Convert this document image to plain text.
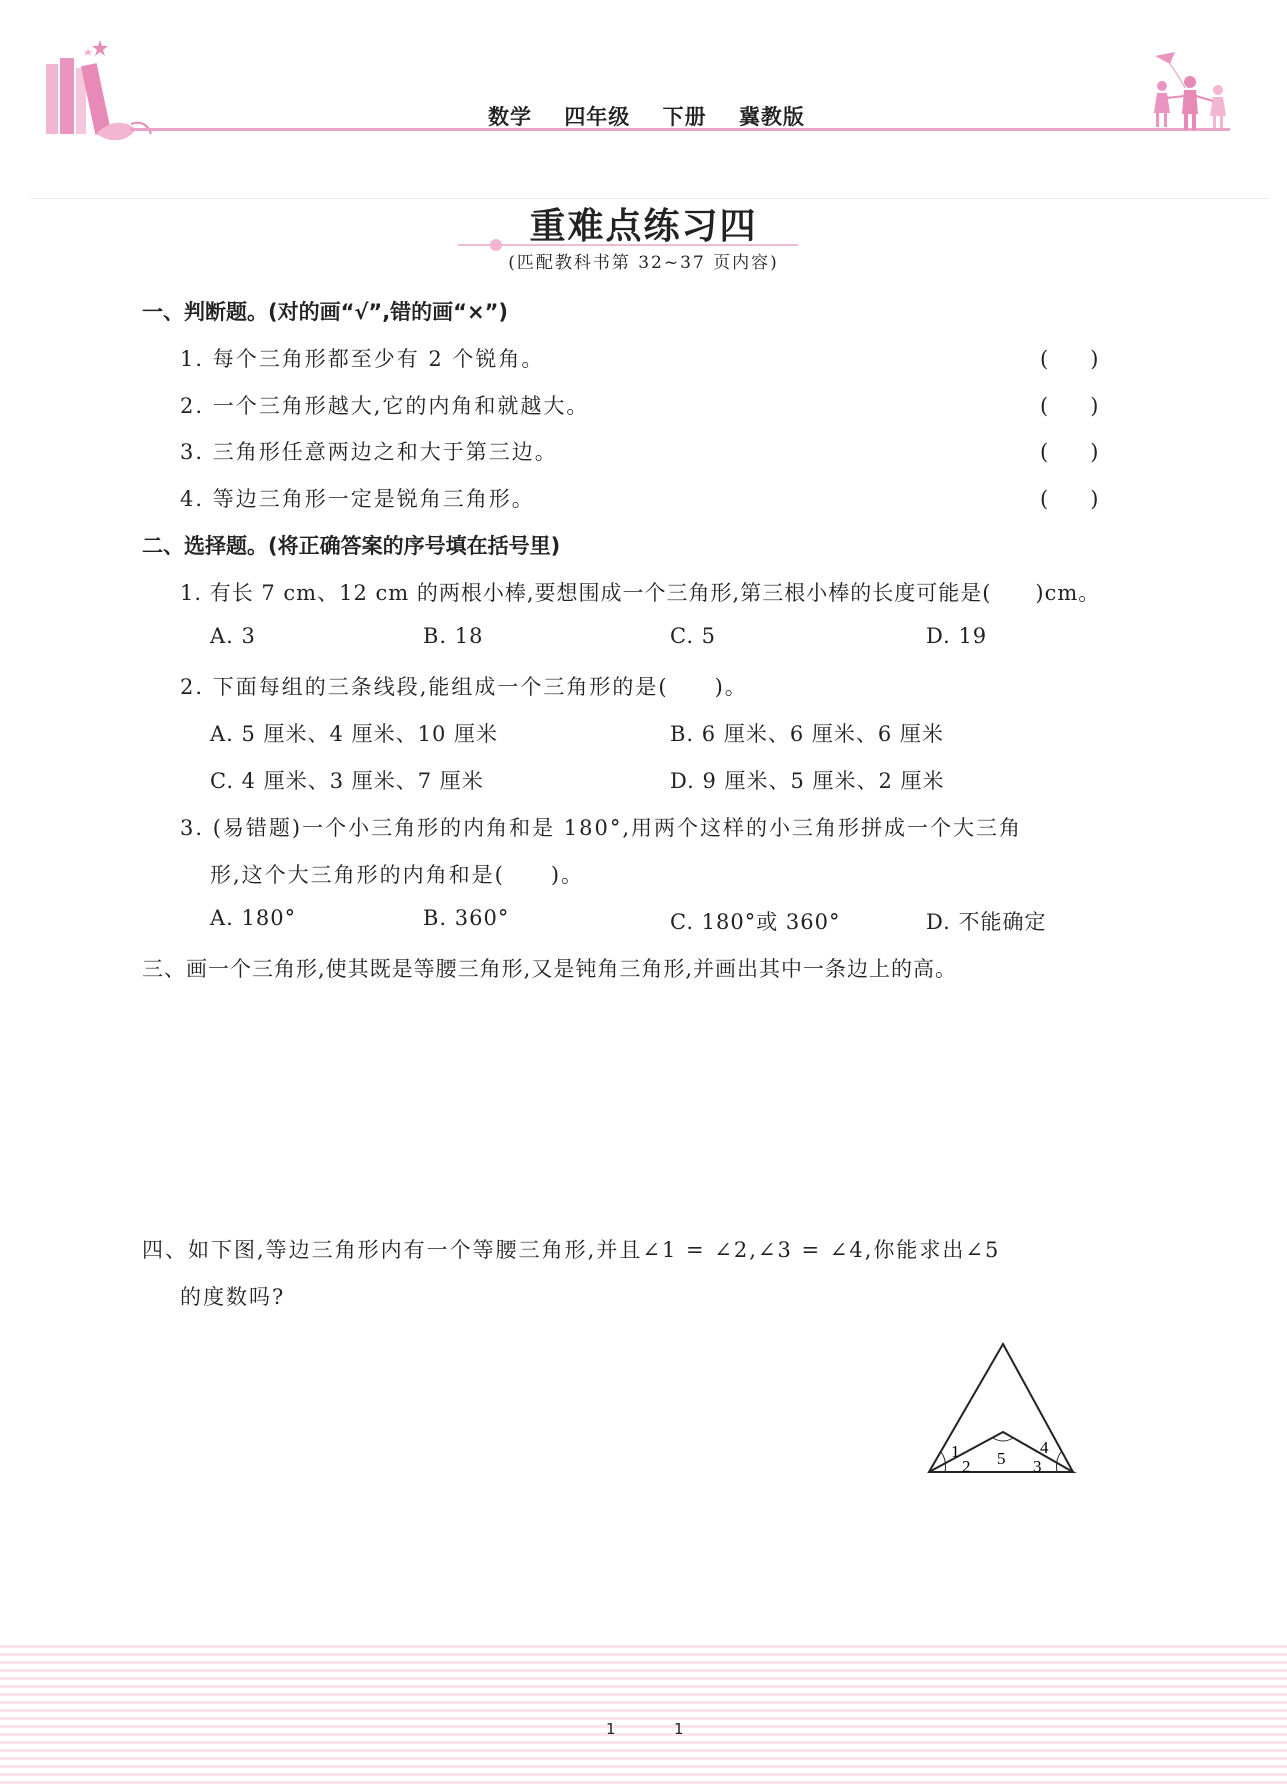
数学 四年级 下册 冀教版
重难点练习四
(匹配教科书第 32~37 页内容)
一、判断题。(对的画“√”,错的画“×”)
1. 每个三角形都至少有 2 个锐角。	(　　)
2. 一个三角形越大,它的内角和就越大。	(　　)
3. 三角形任意两边之和大于第三边。	(　　)
4. 等边三角形一定是锐角三角形。	(　　)
二、选择题。(将正确答案的序号填在括号里)
1. 有长 7 cm、12 cm 的两根小棒,要想围成一个三角形,第三根小棒的长度可能是(　　)cm。
A. 3	B. 18	C. 5	D. 19
2. 下面每组的三条线段,能组成一个三角形的是(　　)。
A. 5 厘米、4 厘米、10 厘米	B. 6 厘米、6 厘米、6 厘米
C. 4 厘米、3 厘米、7 厘米	D. 9 厘米、5 厘米、2 厘米
3. (易错题)一个小三角形的内角和是 180°,用两个这样的小三角形拼成一个大三角
形,这个大三角形的内角和是(　　)。
A. 180°	B. 360°	C. 180°或 360°	D. 不能确定
三、画一个三角形,使其既是等腰三角形,又是钝角三角形,并画出其中一条边上的高。
四、如下图,等边三角形内有一个等腰三角形,并且∠1 = ∠2,∠3 = ∠4,你能求出∠5
的度数吗?
1
2 5
4
3
1	1
